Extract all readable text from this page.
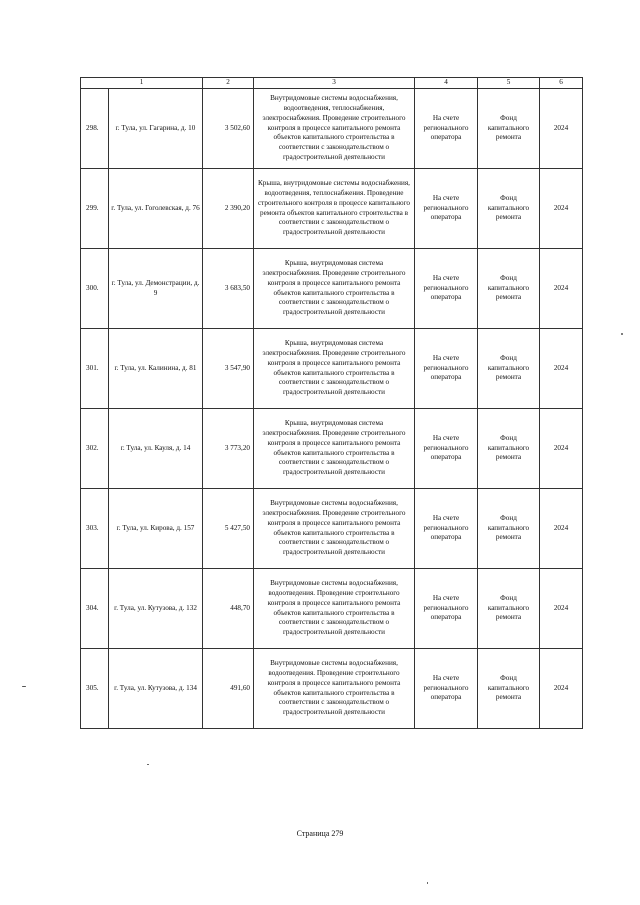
1		2	3	4	5	6
298.	г. Тула, ул. Гагарина, д. 10	3 502,60	Внутридомовые системы водоснабжения, водоотведения, теплоснабжения, электроснабжения. Проведение строительного контроля в процессе капитального ремонта объектов капитального строительства в соответствии с законодательством о градостроительной деятельности	На счете регионального оператора	Фонд капитального ремонта	2024
299.	г. Тула, ул. Гоголевская, д. 76	2 390,20	Крыша, внутридомовые системы водоснабжения, водоотведения, теплоснабжения. Проведение строительного контроля в процессе капитального ремонта объектов капитального строительства в соответствии с законодательством о градостроительной деятельности	На счете регионального оператора	Фонд капитального ремонта	2024
300.	г. Тула, ул. Демонстрации, д. 9	3 683,50	Крыша, внутридомовая система электроснабжения. Проведение строительного контроля в процессе капитального ремонта объектов капитального строительства в соответствии с законодательством о градостроительной деятельности	На счете регионального оператора	Фонд капитального ремонта	2024
301.	г. Тула, ул. Калинина, д. 81	3 547,90	Крыша, внутридомовая система электроснабжения. Проведение строительного контроля в процессе капитального ремонта объектов капитального строительства в соответствии с законодательством о градостроительной деятельности	На счете регионального оператора	Фонд капитального ремонта	2024
302.	г. Тула, ул. Кауля, д. 14	3 773,20	Крыша, внутридомовая система электроснабжения. Проведение строительного контроля в процессе капитального ремонта объектов капитального строительства в соответствии с законодательством о градостроительной деятельности	На счете регионального оператора	Фонд капитального ремонта	2024
303.	г. Тула, ул. Кирова, д. 157	5 427,50	Внутридомовые системы водоснабжения, электроснабжения. Проведение строительного контроля в процессе капитального ремонта объектов капитального строительства в соответствии с законодательством о градостроительной деятельности	На счете регионального оператора	Фонд капитального ремонта	2024
304.	г. Тула, ул. Кутузова, д. 132	448,70	Внутридомовые системы водоснабжения, водоотведения. Проведение строительного контроля в процессе капитального ремонта объектов капитального строительства в соответствии с законодательством о градостроительной деятельности	На счете регионального оператора	Фонд капитального ремонта	2024
305.	г. Тула, ул. Кутузова, д. 134	491,60	Внутридомовые системы водоснабжения, водоотведения. Проведение строительного контроля в процессе капитального ремонта объектов капитального строительства в соответствии с законодательством о градостроительной деятельности	На счете регионального оператора	Фонд капитального ремонта	2024
Страница 279
